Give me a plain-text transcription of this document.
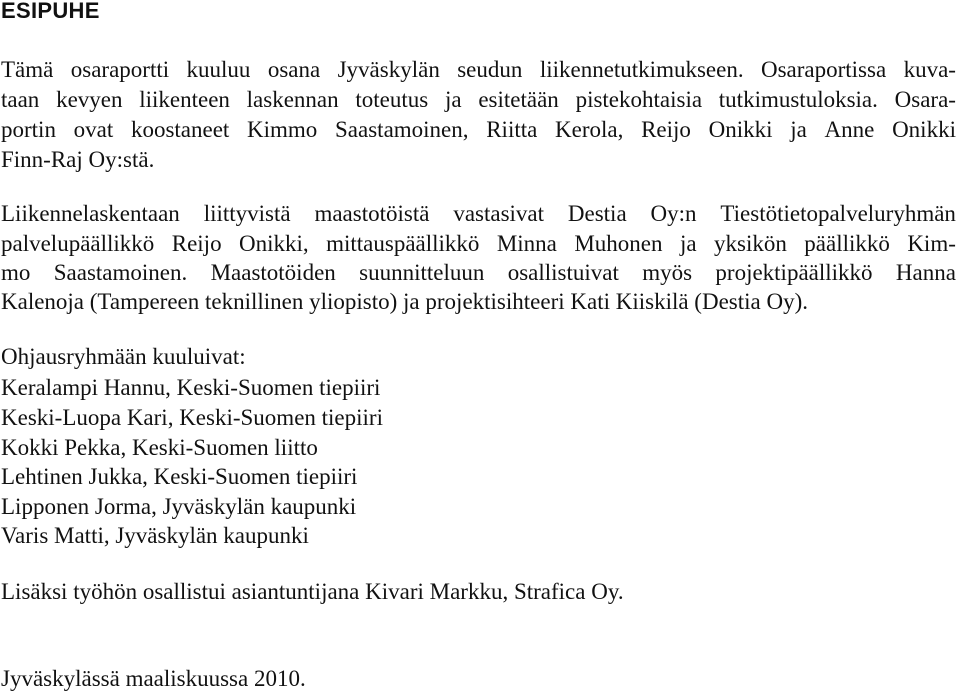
ESIPUHE
Tämä osaraportti kuuluu osana Jyväskylän seudun liikennetutkimukseen. Osaraportissa kuva-
taan kevyen liikenteen laskennan toteutus ja esitetään pistekohtaisia tutkimustuloksia. Osara-
portin ovat koostaneet Kimmo Saastamoinen, Riitta Kerola, Reijo Onikki ja Anne Onikki
Finn-Raj Oy:stä.
Liikennelaskentaan liittyvistä maastotöistä vastasivat Destia Oy:n Tiestötietopalveluryhmän
palvelupäällikkö Reijo Onikki, mittauspäällikkö Minna Muhonen ja yksikön päällikkö Kim-
mo Saastamoinen. Maastotöiden suunnitteluun osallistuivat myös projektipäällikkö Hanna
Kalenoja (Tampereen teknillinen yliopisto) ja projektisihteeri Kati Kiiskilä (Destia Oy).
Ohjausryhmään kuuluivat:
Keralampi Hannu, Keski-Suomen tiepiiri
Keski-Luopa Kari, Keski-Suomen tiepiiri
Kokki Pekka, Keski-Suomen liitto
Lehtinen Jukka, Keski-Suomen tiepiiri
Lipponen Jorma, Jyväskylän kaupunki
Varis Matti, Jyväskylän kaupunki
Lisäksi työhön osallistui asiantuntijana Kivari Markku, Strafica Oy.
Jyväskylässä maaliskuussa 2010.
